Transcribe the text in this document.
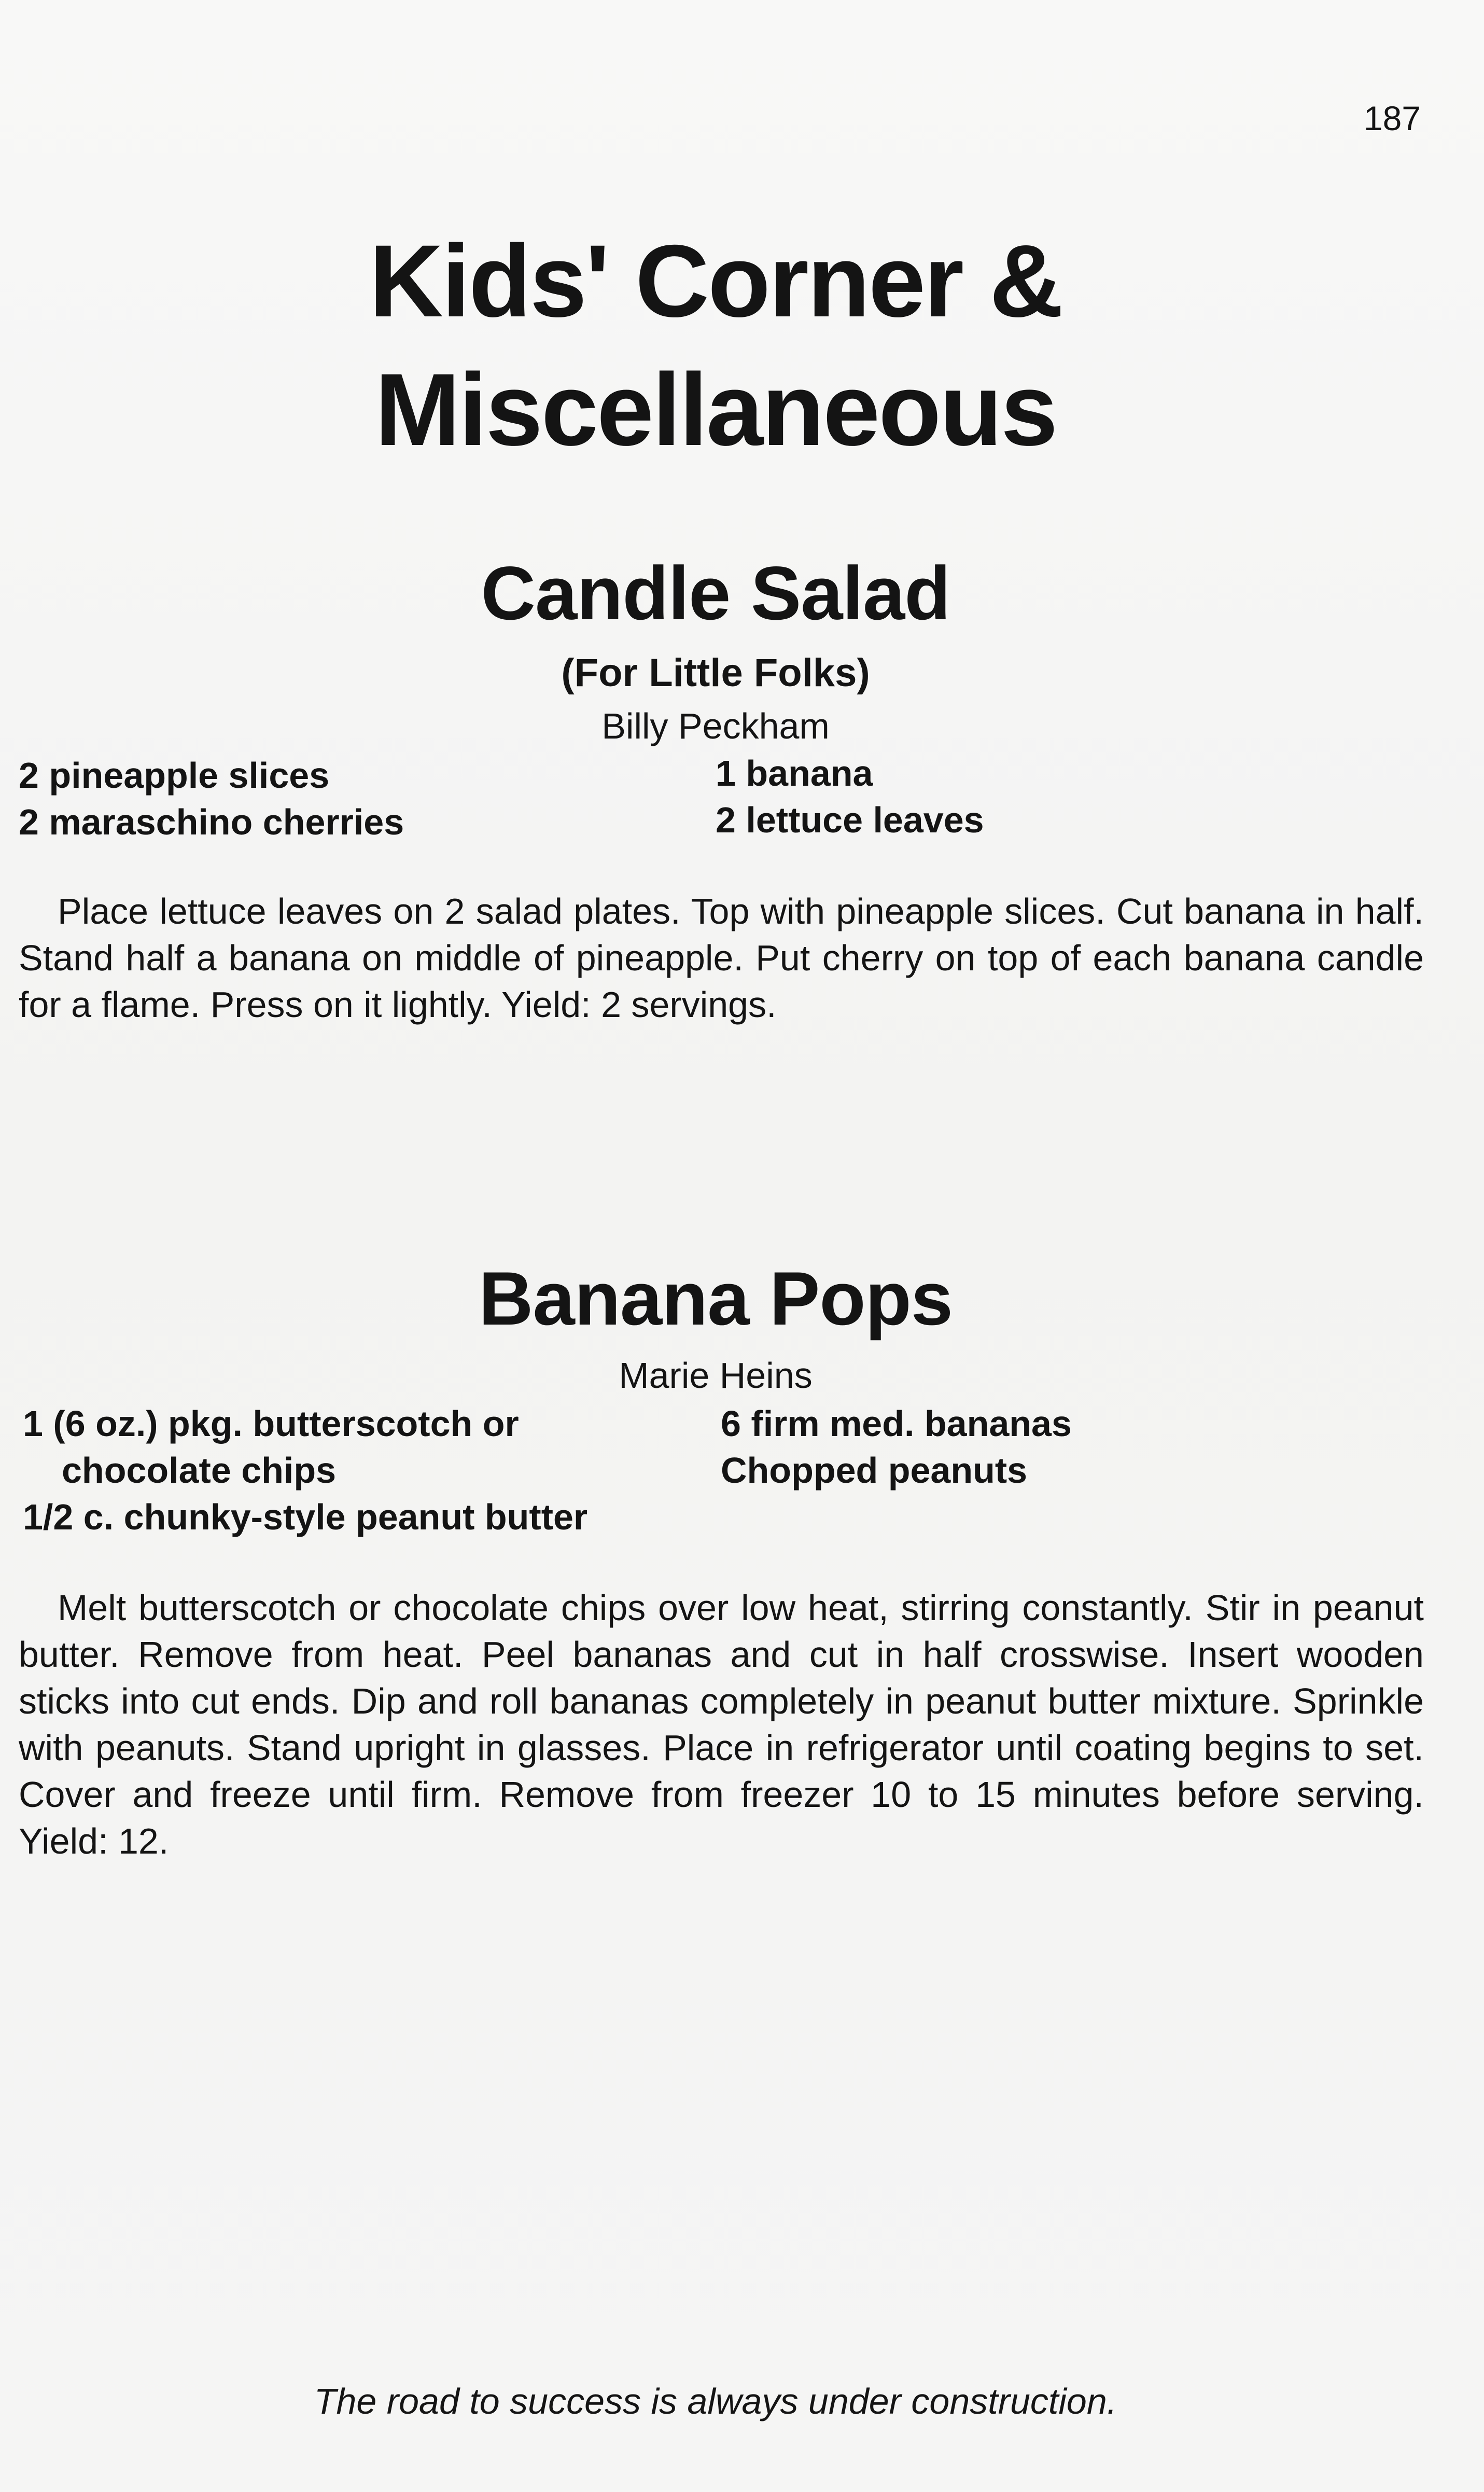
187
Kids' Corner &
Miscellaneous
Candle Salad
(For Little Folks)
Billy Peckham
2 pineapple slices
2 maraschino cherries
1 banana
2 lettuce leaves

Place lettuce leaves on 2 salad plates. Top with pineapple slices. Cut banana in half. Stand half a banana on middle of pineapple. Put cherry on top of each banana candle for a flame. Press on it lightly. Yield: 2 servings.

Banana Pops
Marie Heins
1 (6 oz.) pkg. butterscotch or
chocolate chips
1/2 c. chunky-style peanut butter
6 firm med. bananas
Chopped peanuts

Melt butterscotch or chocolate chips over low heat, stirring constantly. Stir in peanut butter. Remove from heat. Peel bananas and cut in half crosswise. Insert wooden sticks into cut ends. Dip and roll bananas completely in peanut butter mixture. Sprinkle with peanuts. Stand upright in glasses. Place in refrigerator until coating begins to set. Cover and freeze until firm. Remove from freezer 10 to 15 minutes before serving. Yield: 12.

The road to success is always under construction.
